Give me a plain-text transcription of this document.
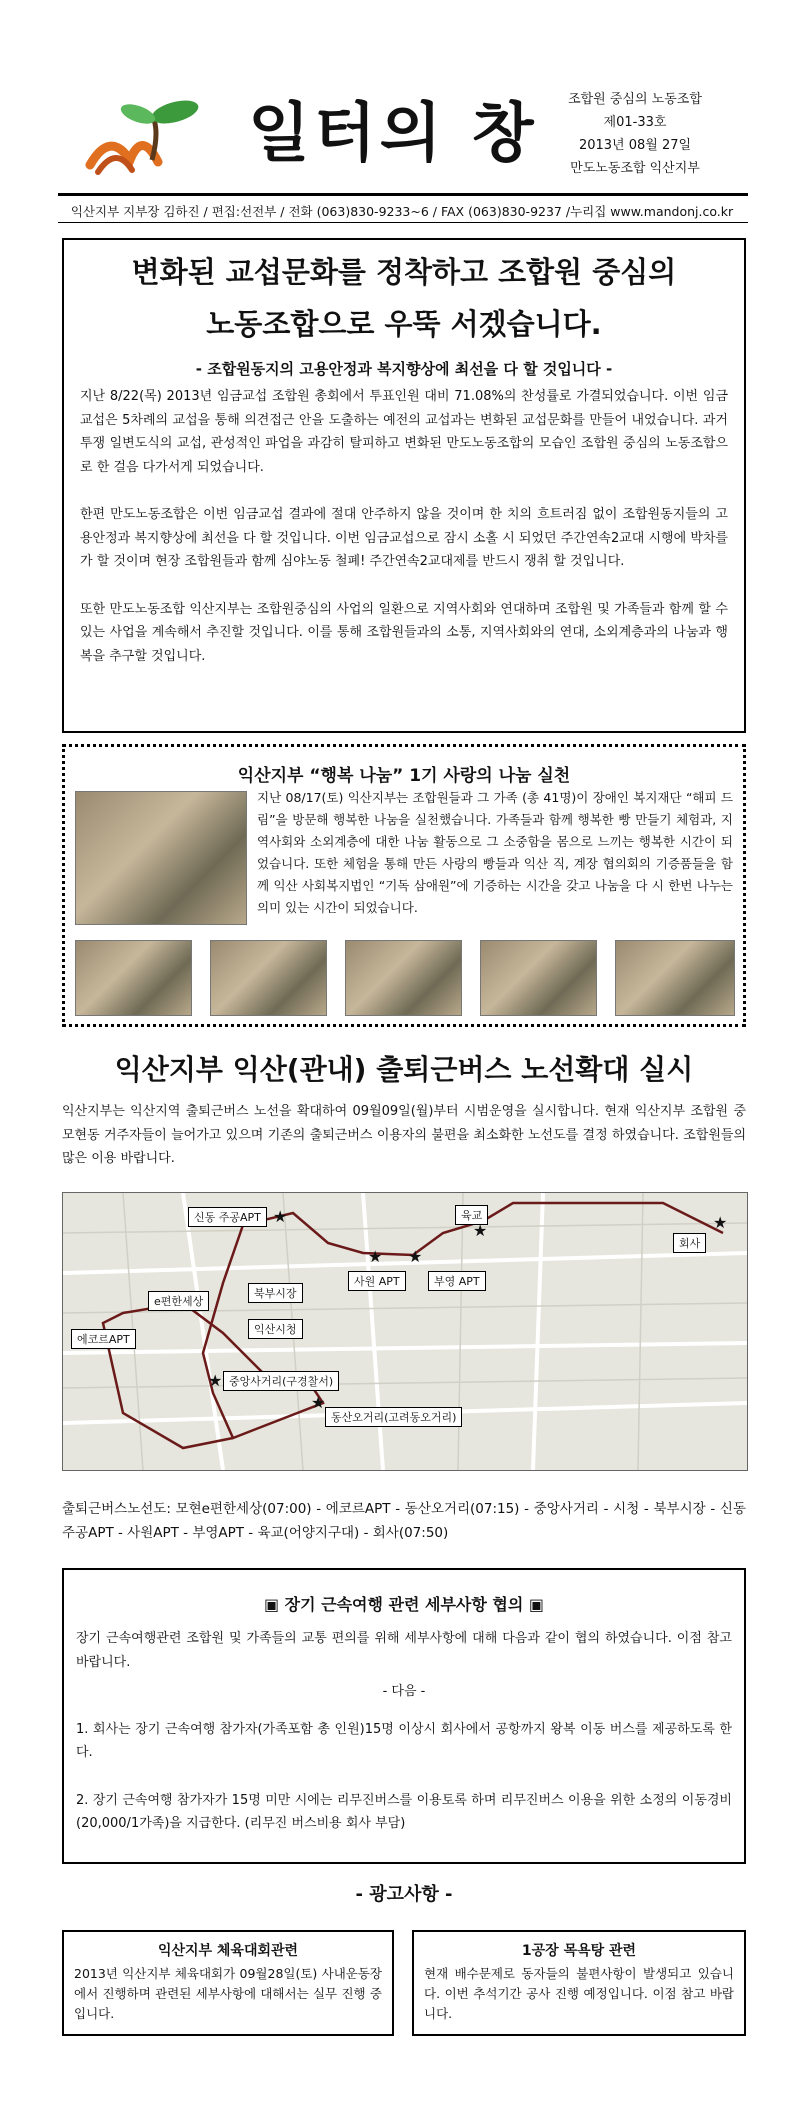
일터의 창	조합원 중심의 노동조합
제01-33호
2013년 08월 27일
만도노동조합 익산지부
익산지부 지부장 김하진 / 편집:선전부 / 전화 (063)830-9233~6 / FAX (063)830-9237 /누리집 www.mandonj.co.kr
변화된 교섭문화를 정착하고 조합원 중심의
노동조합으로 우뚝 서겠습니다.
- 조합원동지의 고용안정과 복지향상에 최선을 다 할 것입니다 -

지난 8/22(목) 2013년 임금교섭 조합원 총회에서 투표인원 대비 71.08%의 찬성률로 가결되었습니다. 이번 임금교섭은 5차례의 교섭을 통해 의견접근 안을 도출하는 예전의 교섭과는 변화된 교섭문화를 만들어 내었습니다. 과거 투쟁 일변도식의 교섭, 관성적인 파업을 과감히 탈피하고 변화된 만도노동조합의 모습인 조합원 중심의 노동조합으로 한 걸음 다가서게 되었습니다.

한편 만도노동조합은 이번 임금교섭 결과에 절대 안주하지 않을 것이며 한 치의 흐트러짐 없이 조합원동지들의 고용안정과 복지향상에 최선을 다 할 것입니다. 이번 임금교섭으로 잠시 소홀 시 되었던 주간연속2교대 시행에 박차를 가 할 것이며 현장 조합원들과 함께 심야노동 철폐! 주간연속2교대제를 반드시 쟁취 할 것입니다.

또한 만도노동조합 익산지부는 조합원중심의 사업의 일환으로 지역사회와 연대하며 조합원 및 가족들과 함께 할 수 있는 사업을 계속해서 추진할 것입니다. 이를 통해 조합원들과의 소통, 지역사회와의 연대, 소외계층과의 나눔과 행복을 추구할 것입니다.

익산지부 “행복 나눔” 1기 사랑의 나눔 실천

지난 08/17(토) 익산지부는 조합원들과 그 가족 (총 41명)이 장애인 복지재단 “해피 드림”을 방문해 행복한 나눔을 실천했습니다. 가족들과 함께 행복한 빵 만들기 체험과, 지역사회와 소외계층에 대한 나눔 활동으로 그 소중함을 몸으로 느끼는 행복한 시간이 되었습니다. 또한 체험을 통해 만든 사랑의 빵들과 익산 직, 계장 협의회의 기증품들을 함께 익산 사회복지법인 “기독 삼애원”에 기증하는 시간을 갖고 나눔을 다 시 한번 나누는 의미 있는 시간이 되었습니다.

익산지부 익산(관내) 출퇴근버스 노선확대 실시

익산지부는 익산지역 출퇴근버스 노선을 확대하여 09월09일(월)부터 시범운영을 실시합니다. 현재 익산지부 조합원 중 모현동 거주자들이 늘어가고 있으며 기존의 출퇴근버스 이용자의 불편을 최소화한 노선도를 결정 하였습니다. 조합원들의 많은 이용 바랍니다.

신동 주공APT ★	육교
★
회사
★
사원 APT
★
부영 APT
★
e편한세상
북부시장
익산시청
에코르APT
중앙사거리(구경찰서)
★
동산오거리(고려동오거리)
★

출퇴근버스노선도: 모현e편한세상(07:00) - 에코르APT - 동산오거리(07:15) - 중앙사거리 - 시청 - 북부시장 - 신동주공APT - 사원APT - 부영APT - 육교(어양지구대) - 회사(07:50)

▣ 장기 근속여행 관련 세부사항 협의 ▣

장기 근속여행관련 조합원 및 가족들의 교통 편의를 위해 세부사항에 대해 다음과 같이 협의 하였습니다. 이점 참고 바랍니다.

- 다음 -

1. 회사는 장기 근속여행 참가자(가족포함 총 인원)15명 이상시 회사에서 공항까지 왕복 이동 버스를 제공하도록 한다.

2. 장기 근속여행 참가자가 15명 미만 시에는 리무진버스를 이용토록 하며 리무진버스 이용을 위한 소정의 이동경비(20,000/1가족)을 지급한다. (리무진 버스비용 회사 부담)

- 광고사항 -
익산지부 체육대회관련

2013년 익산지부 체육대회가 09월28일(토) 사내운동장에서 진행하며 관련된 세부사항에 대해서는 실무 진행 중입니다.

1공장 목욕탕 관련

현재 배수문제로 동자들의 불편사항이 발생되고 있습니다. 이번 추석기간 공사 진행 예정입니다. 이점 참고 바랍니다.
